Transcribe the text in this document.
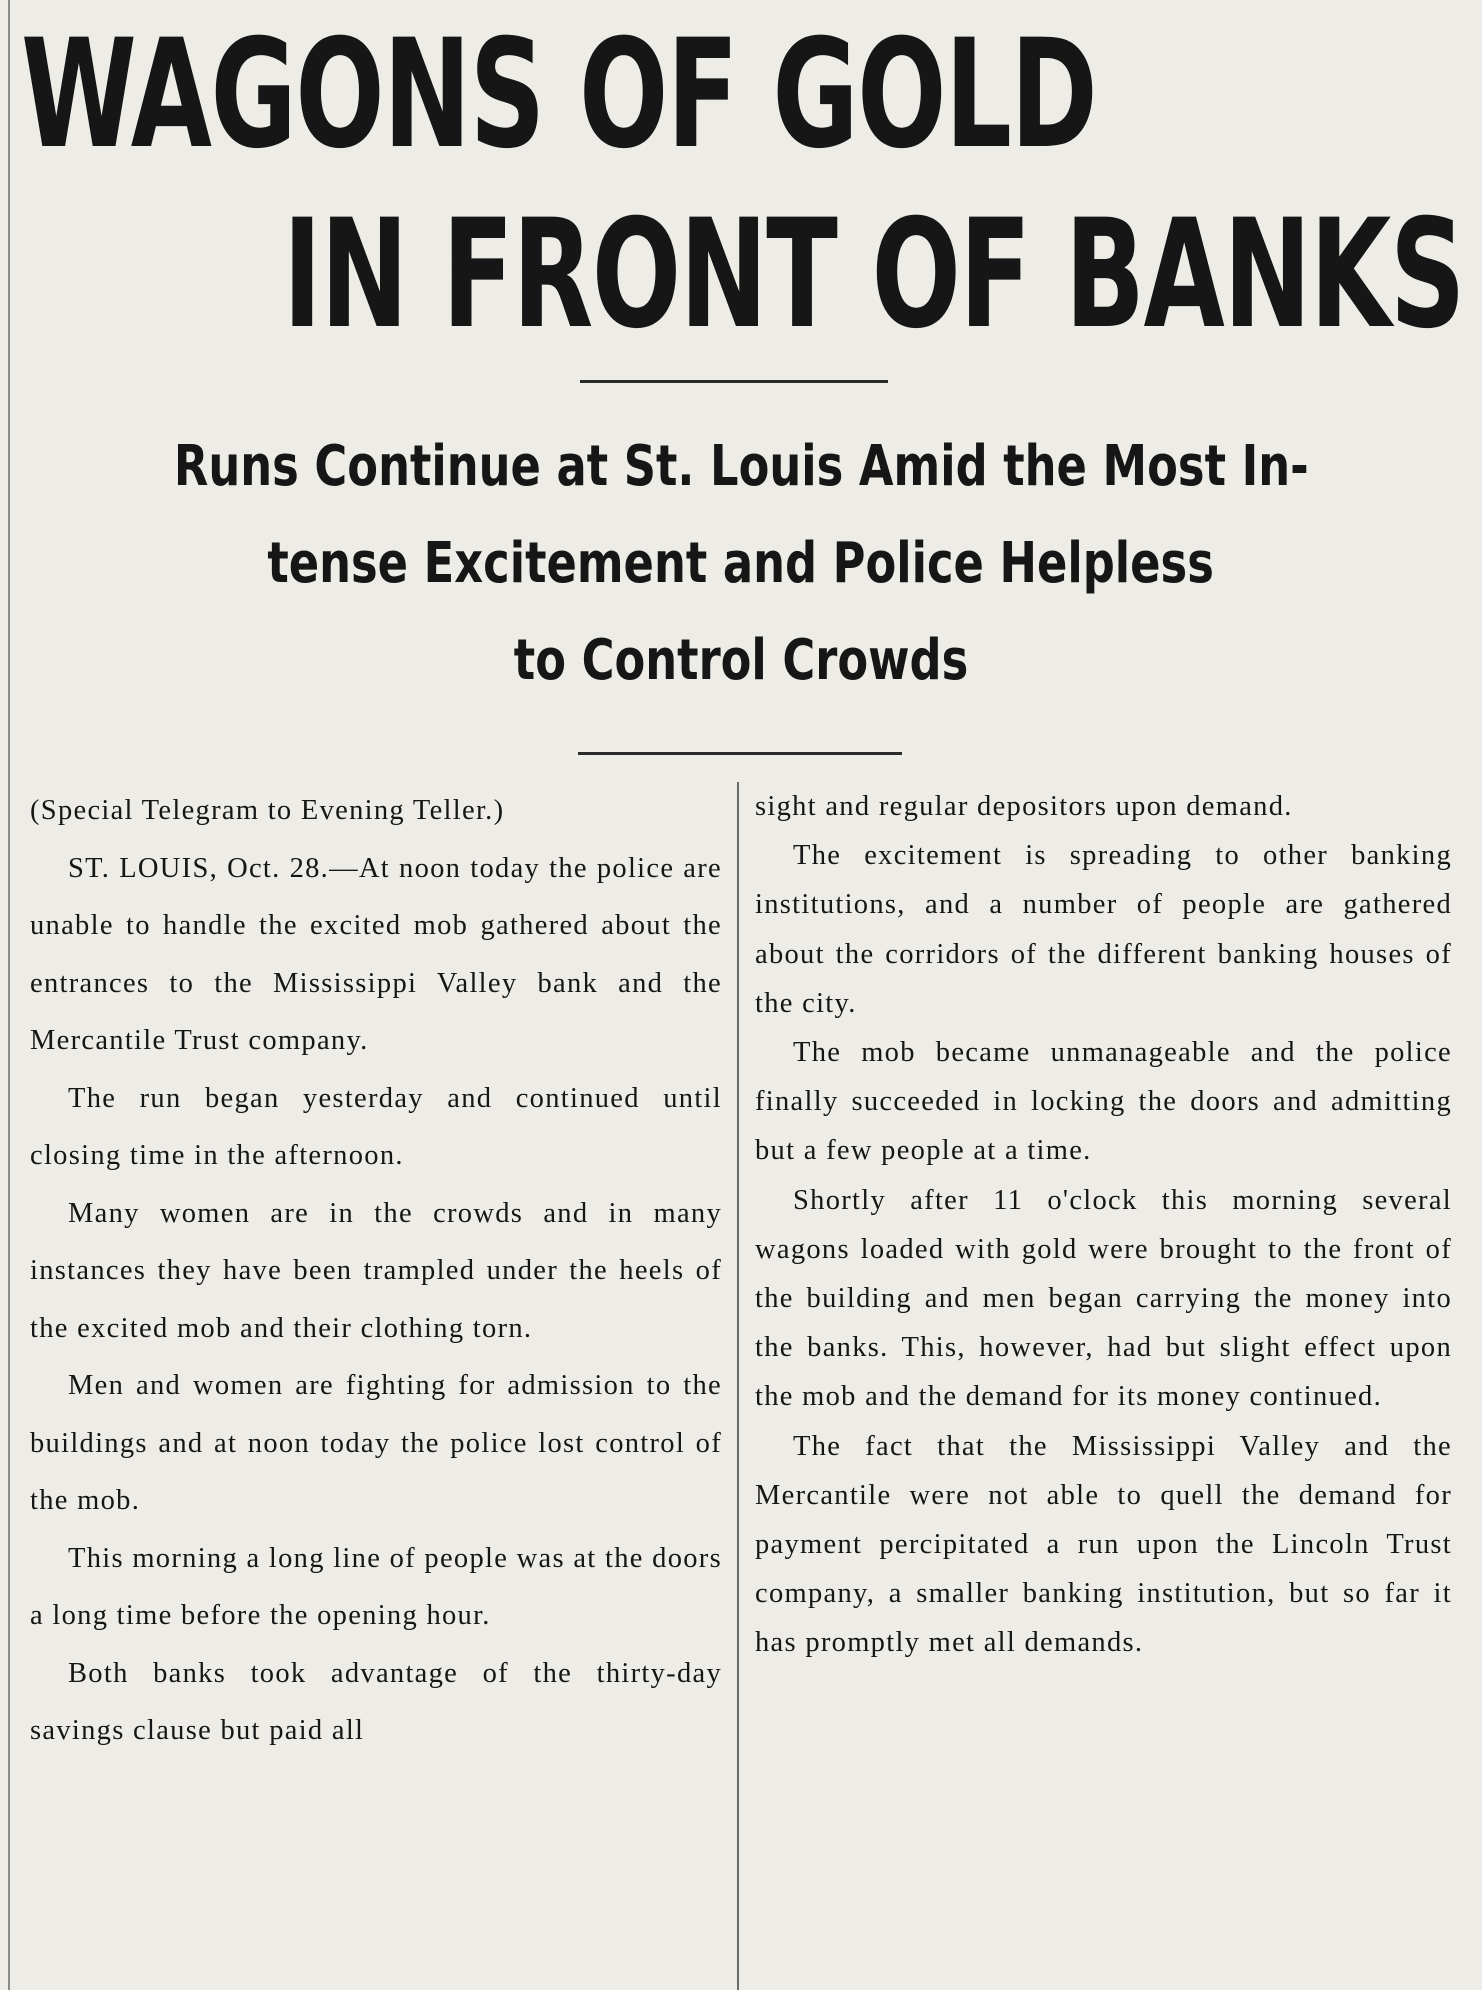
WAGONS OF GOLD
IN FRONT OF BANKS
Runs Continue at St. Louis Amid the Most In-
tense Excitement and Police Helpless
to Control Crowds

(Special Telegram to Evening Teller.)

ST. LOUIS, Oct. 28.—At noon today the police are unable to handle the excited mob gathered about the entrances to the Mississippi Valley bank and the Mercantile Trust company.

The run began yesterday and continued until closing time in the afternoon.

Many women are in the crowds and in many instances they have been trampled under the heels of the excited mob and their clothing torn.

Men and women are fighting for admission to the buildings and at noon today the police lost control of the mob.

This morning a long line of people was at the doors a long time before the opening hour.

Both banks took advantage of the thirty-day savings clause but paid all

sight and regular depositors upon demand.

The excitement is spreading to other banking institutions, and a number of people are gathered about the corridors of the different banking houses of the city.

The mob became unmanageable and the police finally succeeded in locking the doors and admitting but a few people at a time.

Shortly after 11 o'clock this morning several wagons loaded with gold were brought to the front of the building and men began carrying the money into the banks. This, however, had but slight effect upon the mob and the demand for its money continued.

The fact that the Mississippi Valley and the Mercantile were not able to quell the demand for payment percipitated a run upon the Lincoln Trust company, a smaller banking institution, but so far it has promptly met all demands.
